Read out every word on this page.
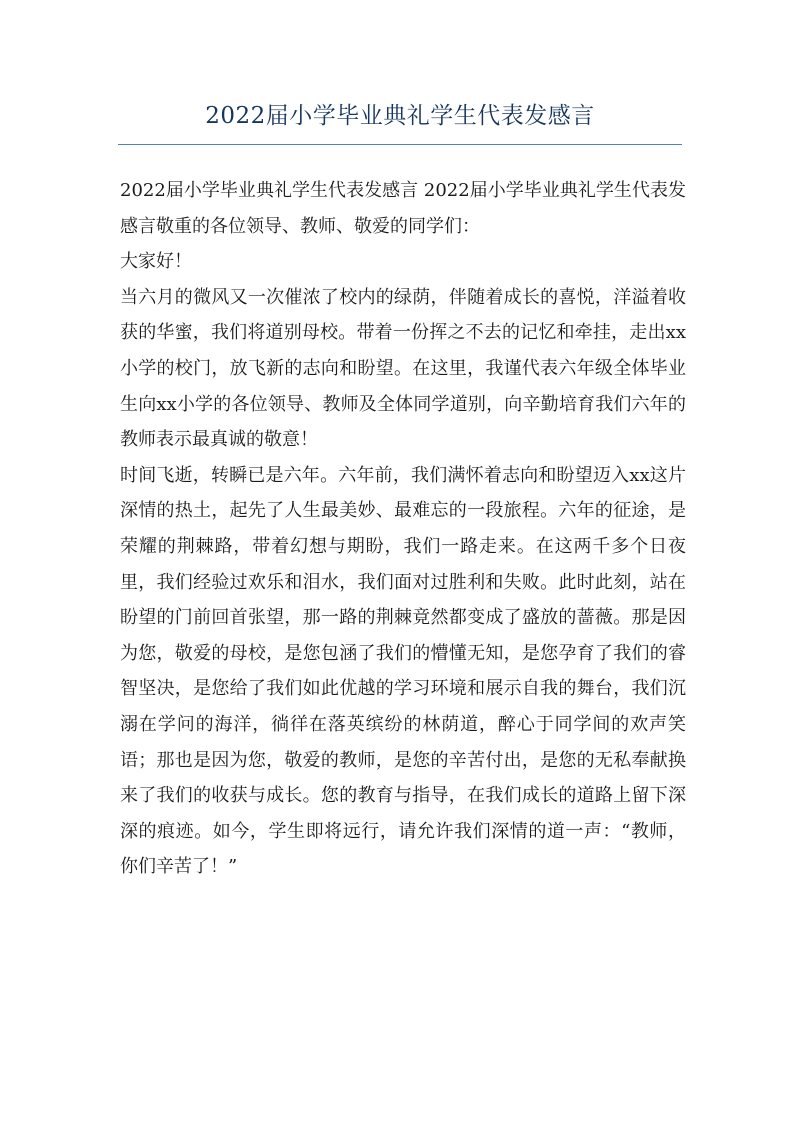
2022届小学毕业典礼学生代表发感言

2022届小学毕业典礼学生代表发感言 2022届小学毕业典礼学生代表发感言敬重的各位领导、教师、敬爱的同学们：

大家好！

当六月的微风又一次催浓了校内的绿荫，伴随着成长的喜悦，洋溢着收获的华蜜，我们将道别母校。带着一份挥之不去的记忆和牵挂，走出xx小学的校门，放飞新的志向和盼望。在这里，我谨代表六年级全体毕业生向xx小学的各位领导、教师及全体同学道别，向辛勤培育我们六年的教师表示最真诚的敬意！

时间飞逝，转瞬已是六年。六年前，我们满怀着志向和盼望迈入xx这片深情的热土，起先了人生最美妙、最难忘的一段旅程。六年的征途，是荣耀的荆棘路，带着幻想与期盼，我们一路走来。在这两千多个日夜里，我们经验过欢乐和泪水，我们面对过胜利和失败。此时此刻，站在盼望的门前回首张望，那一路的荆棘竟然都变成了盛放的蔷薇。那是因为您，敬爱的母校，是您包涵了我们的懵懂无知，是您孕育了我们的睿智坚决，是您给了我们如此优越的学习环境和展示自我的舞台，我们沉溺在学问的海洋，徜徉在落英缤纷的林荫道，醉心于同学间的欢声笑语；那也是因为您，敬爱的教师，是您的辛苦付出，是您的无私奉献换来了我们的收获与成长。您的教育与指导，在我们成长的道路上留下深深的痕迹。如今，学生即将远行，请允许我们深情的道一声：“教师，你们辛苦了！”
